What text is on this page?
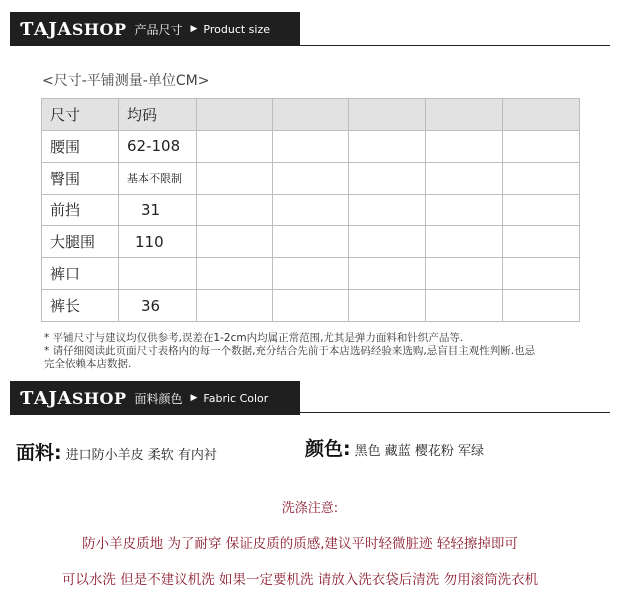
ƬAJASHOP 产品尺寸 ▶ Product size
<尺寸-平铺测量-单位CM>
尺寸	均码						
腰围	62-108						
臀围	基本不限制						
前挡	31						
大腿围	110						
裤口							
裤长	36						
* 平铺尺寸与建议均仅供参考,误差在1-2cm内均属正常范围,尤其是弹力面料和针织产品等.
* 请仔细阅读此页面尺寸表格内的每一个数据,充分结合先前于本店选码经验来选购,忌盲目主观性判断.也忌
完全依赖本店数据.
ƬAJASHOP 面料颜色 ▶ Fabric Color
面料: 进口防小羊皮 柔软 有内衬	颜色: 黑色 藏蓝 樱花粉 军绿
洗涤注意:
防小羊皮质地 为了耐穿 保证皮质的质感,建议平时轻微脏迹 轻轻擦掉即可
可以水洗 但是不建议机洗 如果一定要机洗 请放入洗衣袋后清洗 勿用滚筒洗衣机
